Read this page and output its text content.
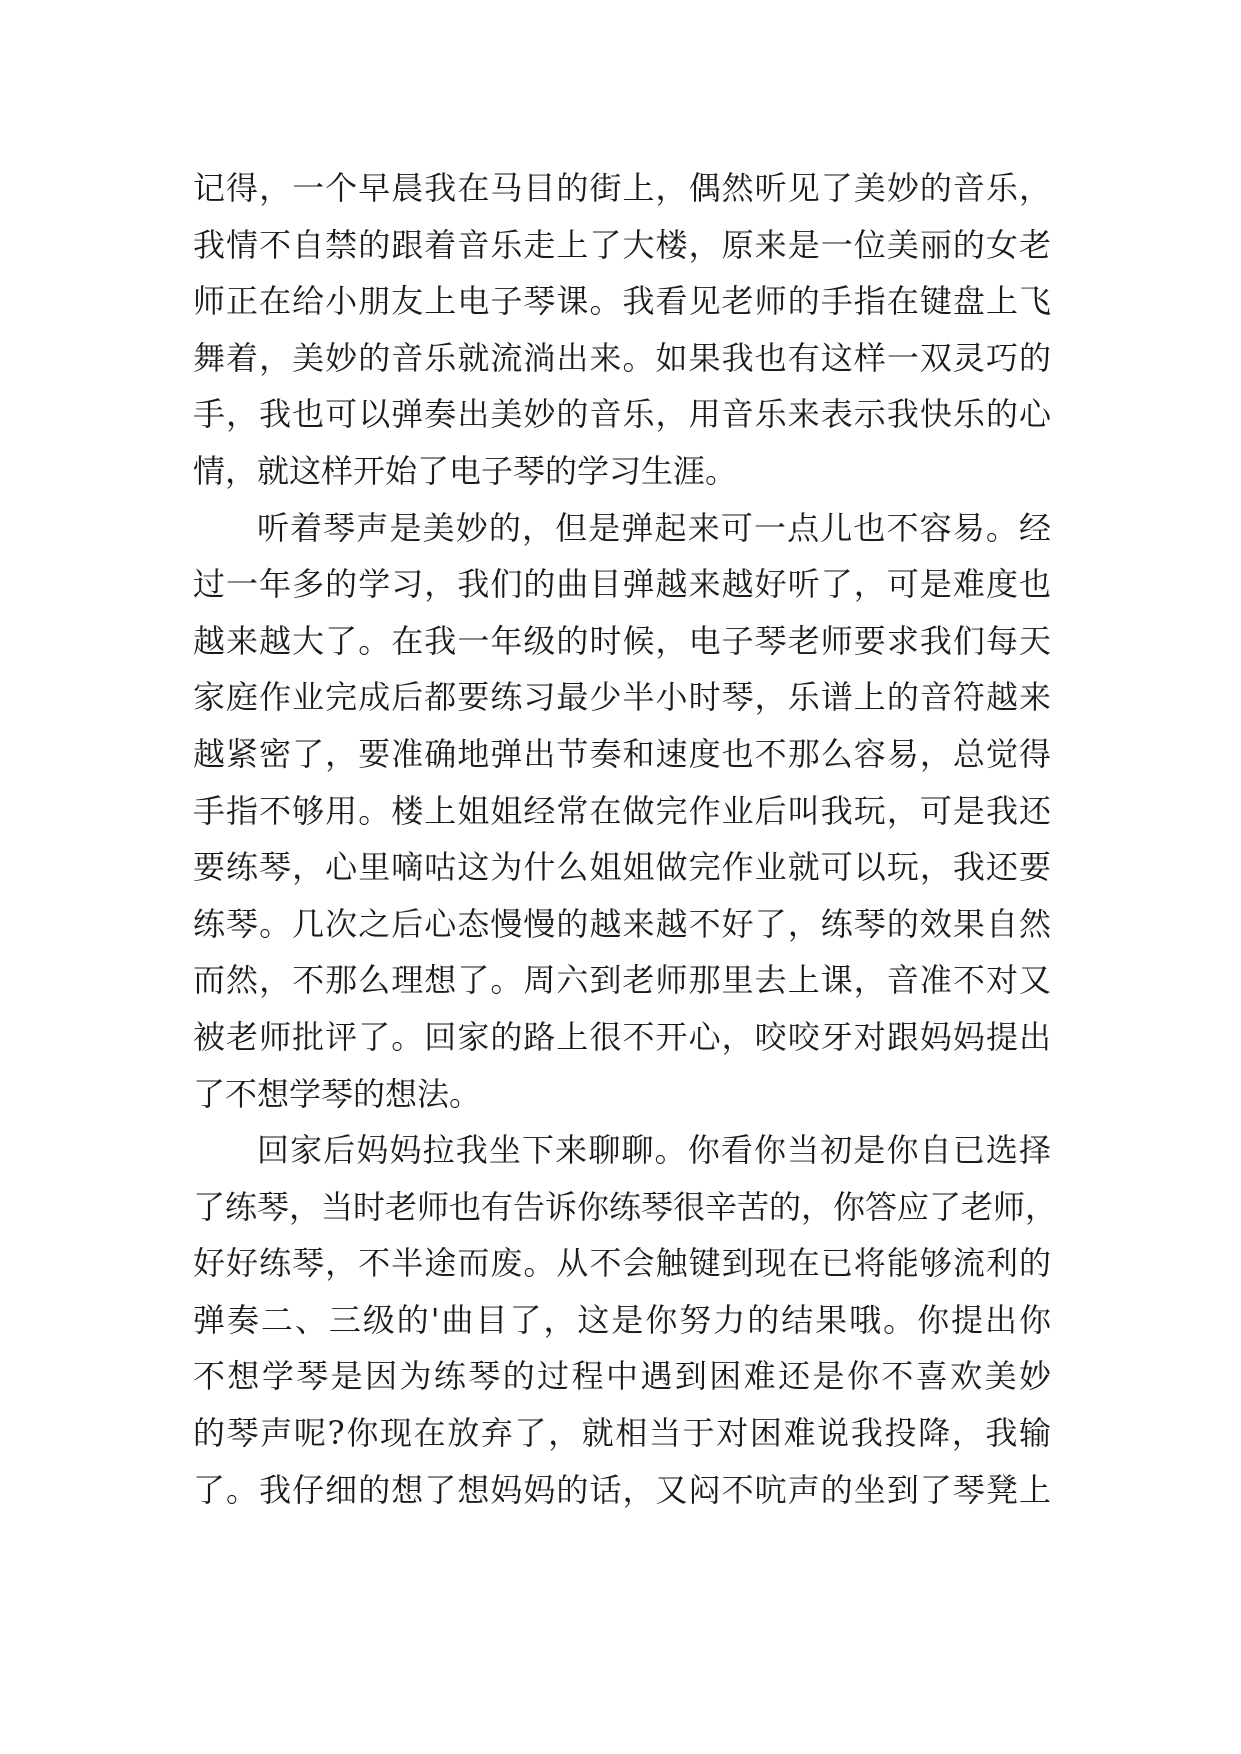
记得，一个早晨我在马目的街上，偶然听见了美妙的音乐，
我情不自禁的跟着音乐走上了大楼，原来是一位美丽的女老
师正在给小朋友上电子琴课。我看见老师的手指在键盘上飞
舞着，美妙的音乐就流淌出来。如果我也有这样一双灵巧的
手，我也可以弹奏出美妙的音乐，用音乐来表示我快乐的心
情，就这样开始了电子琴的学习生涯。
听着琴声是美妙的，但是弹起来可一点儿也不容易。经
过一年多的学习，我们的曲目弹越来越好听了，可是难度也
越来越大了。在我一年级的时候，电子琴老师要求我们每天
家庭作业完成后都要练习最少半小时琴，乐谱上的音符越来
越紧密了，要准确地弹出节奏和速度也不那么容易，总觉得
手指不够用。楼上姐姐经常在做完作业后叫我玩，可是我还
要练琴，心里嘀咕这为什么姐姐做完作业就可以玩，我还要
练琴。几次之后心态慢慢的越来越不好了，练琴的效果自然
而然，不那么理想了。周六到老师那里去上课，音准不对又
被老师批评了。回家的路上很不开心，咬咬牙对跟妈妈提出
了不想学琴的想法。
回家后妈妈拉我坐下来聊聊。你看你当初是你自已选择
了练琴，当时老师也有告诉你练琴很辛苦的，你答应了老师，
好好练琴，不半途而废。从不会触键到现在已将能够流利的
弹奏二、三级的'曲目了，这是你努力的结果哦。你提出你
不想学琴是因为练琴的过程中遇到困难还是你不喜欢美妙
的琴声呢?你现在放弃了，就相当于对困难说我投降，我输
了。我仔细的想了想妈妈的话，又闷不吭声的坐到了琴凳上
